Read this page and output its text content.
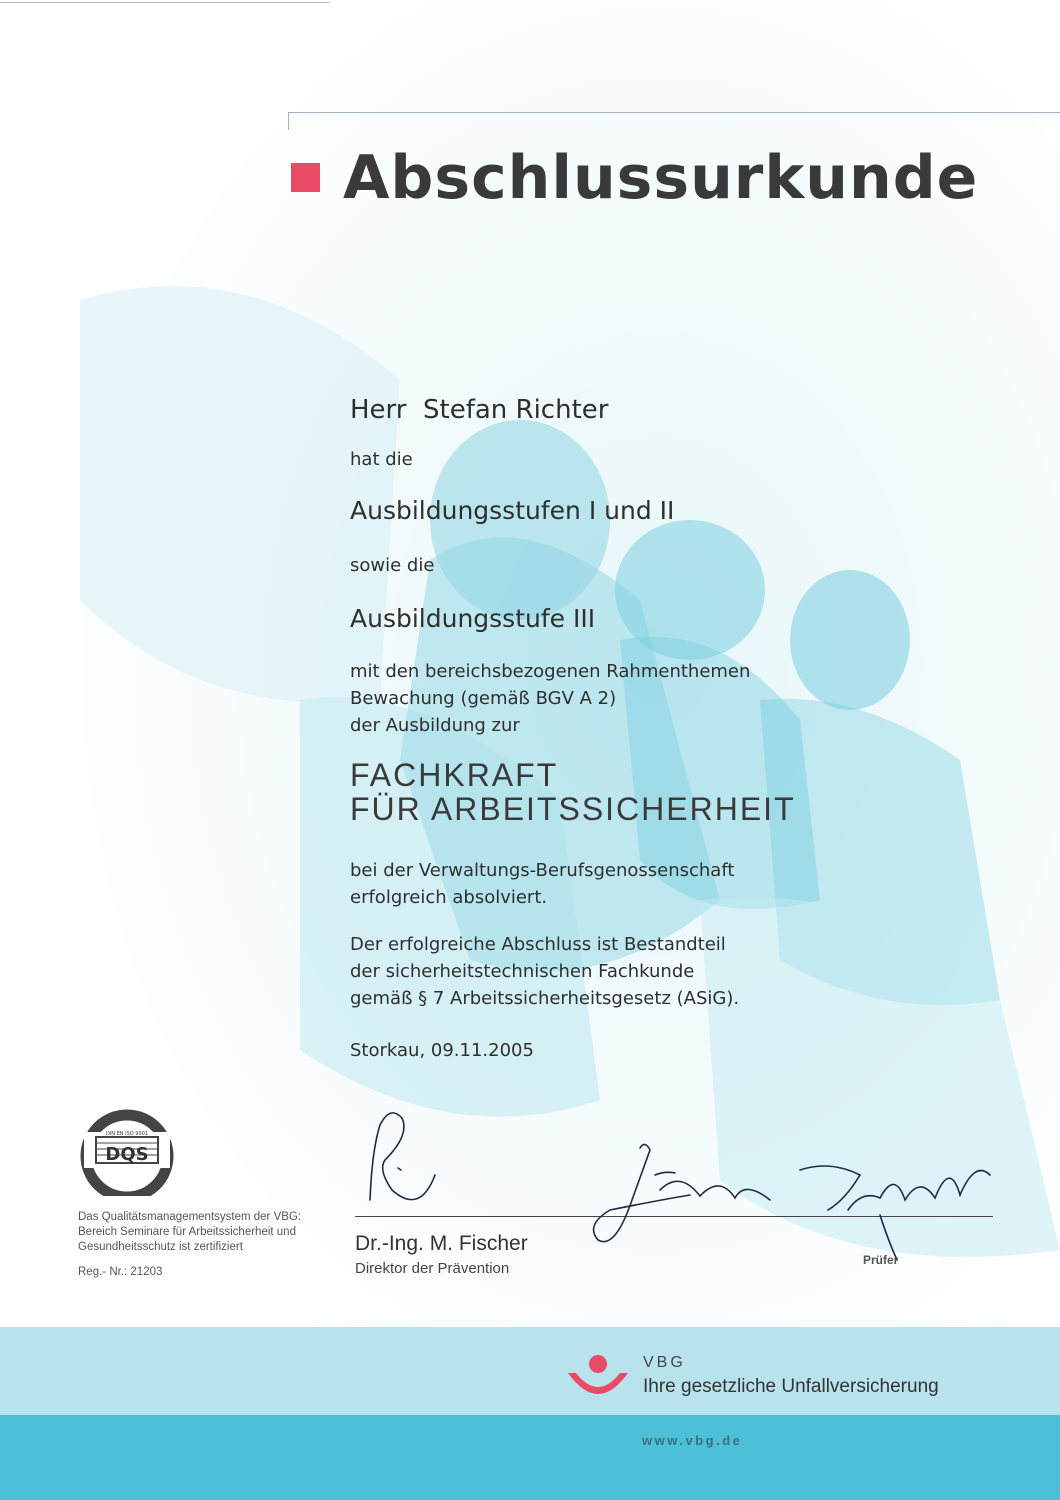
Abschlussurkunde
Herr  Stefan Richter
hat die
Ausbildungsstufen I und II
sowie die
Ausbildungsstufe III
mit den bereichsbezogenen Rahmenthemen
Bewachung (gemäß BGV A 2)
der Ausbildung zur
FACHKRAFT
FÜR ARBEITSSICHERHEIT
bei der Verwaltungs-Berufsgenossenschaft
erfolgreich absolviert.
Der erfolgreiche Abschluss ist Bestandteil
der sicherheitstechnischen Fachkunde
gemäß § 7 Arbeitssicherheitsgesetz (ASiG).
Storkau, 09.11.2005
DQS
DIN EN ISO 9001
Das Qualitätsmanagementsystem der VBG:
Bereich Seminare für Arbeitssicherheit und
Gesundheitsschutz ist zertifiziert
Reg.- Nr.: 21203
Dr.-Ing. M. Fischer
Direktor der Prävention	Prüfer
VBG
Ihre gesetzliche Unfallversicherung
www.vbg.de
